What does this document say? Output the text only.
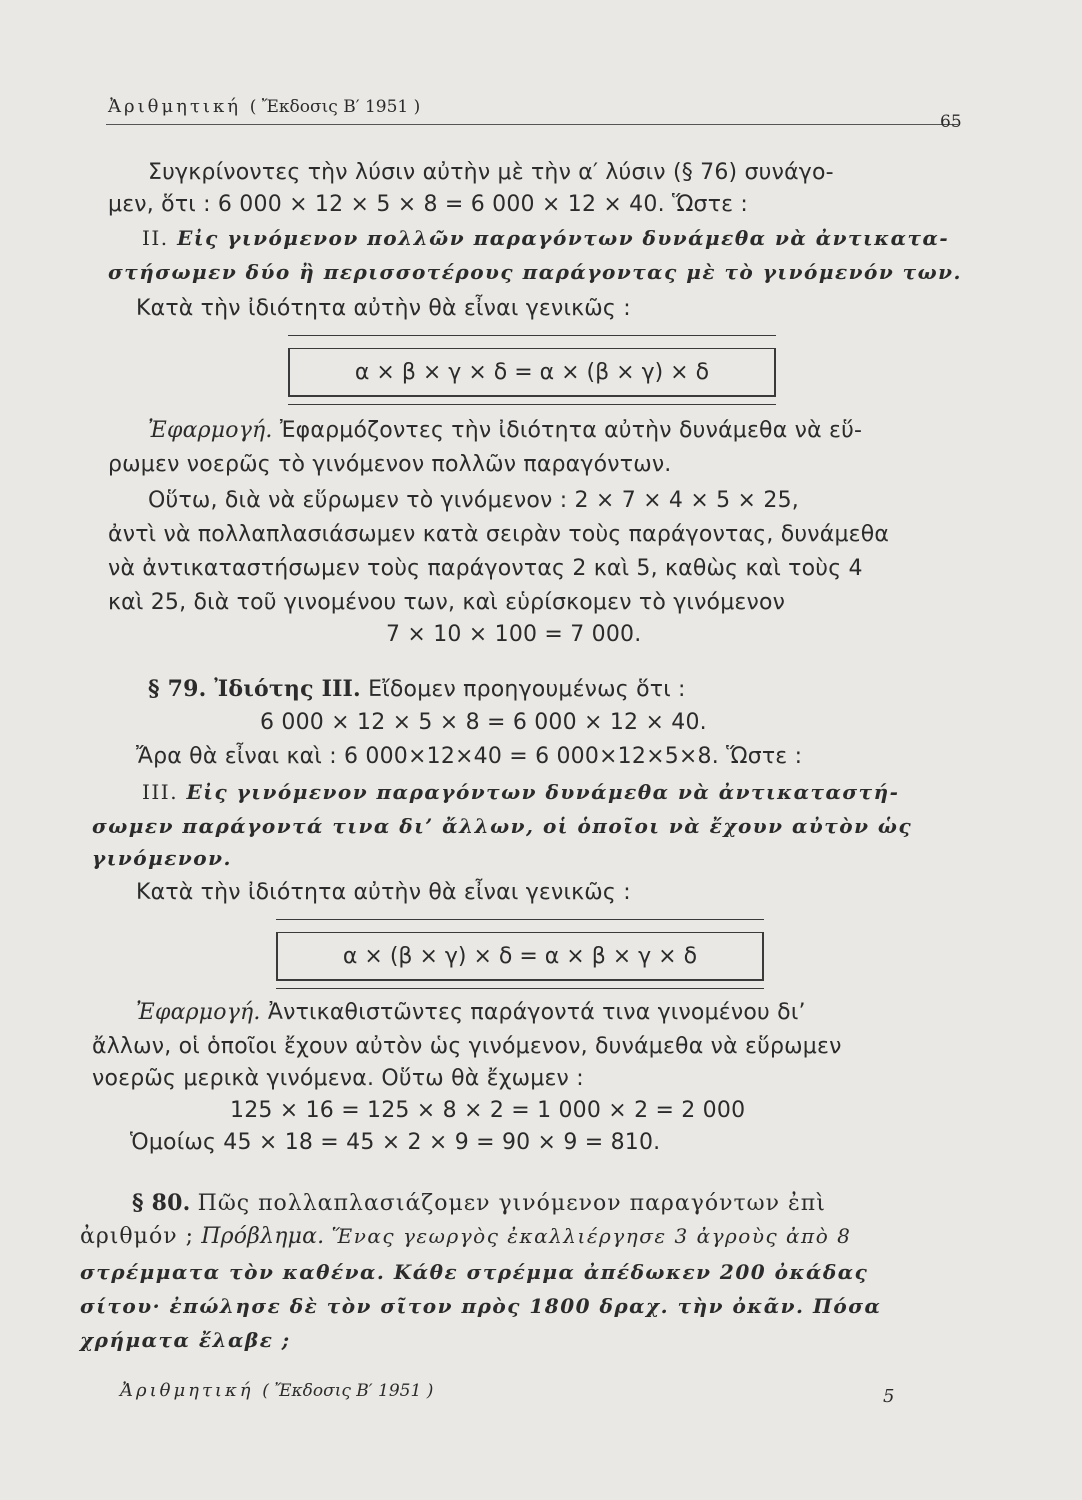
Ἀριθμητική ( Ἔκδοσις Β′ 1951 )
65
Συγκρίνοντες τὴν λύσιν αὐτὴν μὲ τὴν α′ λύσιν (§ 76) συνάγο-
μεν, ὅτι : 6 000 × 12 × 5 × 8 = 6 000 × 12 × 40. Ὥστε :
ΙΙ. Εἰς γινόμενον πολλῶν παραγόντων δυνάμεθα νὰ ἀντικατα-
στήσωμεν δύο ἢ περισσοτέρους παράγοντας μὲ τὸ γινόμενόν των.
Κατὰ τὴν ἰδιότητα αὐτὴν θὰ εἶναι γενικῶς :
α × β × γ × δ = α × (β × γ) × δ
Ἐφαρμογή. Ἐφαρμόζοντες τὴν ἰδιότητα αὐτὴν δυνάμεθα νὰ εὕ-
ρωμεν νοερῶς τὸ γινόμενον πολλῶν παραγόντων.
Οὕτω, διὰ νὰ εὕρωμεν τὸ γινόμενον : 2 × 7 × 4 × 5 × 25,
ἀντὶ νὰ πολλαπλασιάσωμεν κατὰ σειρὰν τοὺς παράγοντας, δυνάμεθα
νὰ ἀντικαταστήσωμεν τοὺς παράγοντας 2 καὶ 5, καθὼς καὶ τοὺς 4
καὶ 25, διὰ τοῦ γινομένου των, καὶ εὑρίσκομεν τὸ γινόμενον
7 × 10 × 100 = 7 000.
§ 79. Ἰδιότης ΙΙΙ. Εἴδομεν προηγουμένως ὅτι :
6 000 × 12 × 5 × 8 = 6 000 × 12 × 40.
Ἄρα θὰ εἶναι καὶ : 6 000×12×40 = 6 000×12×5×8. Ὥστε :
ΙΙΙ. Εἰς γινόμενον παραγόντων δυνάμεθα νὰ ἀντικαταστή-
σωμεν παράγοντά τινα δι’ ἄλλων, οἱ ὁποῖοι νὰ ἔχουν αὐτὸν ὡς
γινόμενον.
Κατὰ τὴν ἰδιότητα αὐτὴν θὰ εἶναι γενικῶς :
α × (β × γ) × δ = α × β × γ × δ
Ἐφαρμογή. Ἀντικαθιστῶντες παράγοντά τινα γινομένου δι’
ἄλλων, οἱ ὁποῖοι ἔχουν αὐτὸν ὡς γινόμενον, δυνάμεθα νὰ εὕρωμεν
νοερῶς μερικὰ γινόμενα. Οὕτω θὰ ἔχωμεν :
125 × 16 = 125 × 8 × 2 = 1 000 × 2 = 2 000
Ὁμοίως 45 × 18 = 45 × 2 × 9 = 90 × 9 = 810.
§ 80. Πῶς πολλαπλασιάζομεν γινόμενον παραγόντων ἐπὶ
ἀριθμόν ; Πρόβλημα. Ἕνας γεωργὸς ἐκαλλιέργησε 3 ἀγροὺς ἀπὸ 8
στρέμματα τὸν καθένα. Κάθε στρέμμα ἀπέδωκεν 200 ὀκάδας
σίτου· ἐπώλησε δὲ τὸν σῖτον πρὸς 1800 δραχ. τὴν ὀκᾶν. Πόσα
χρήματα ἔλαβε ;
Ἀριθμητική ( Ἔκδοσις Β′ 1951 )	5
